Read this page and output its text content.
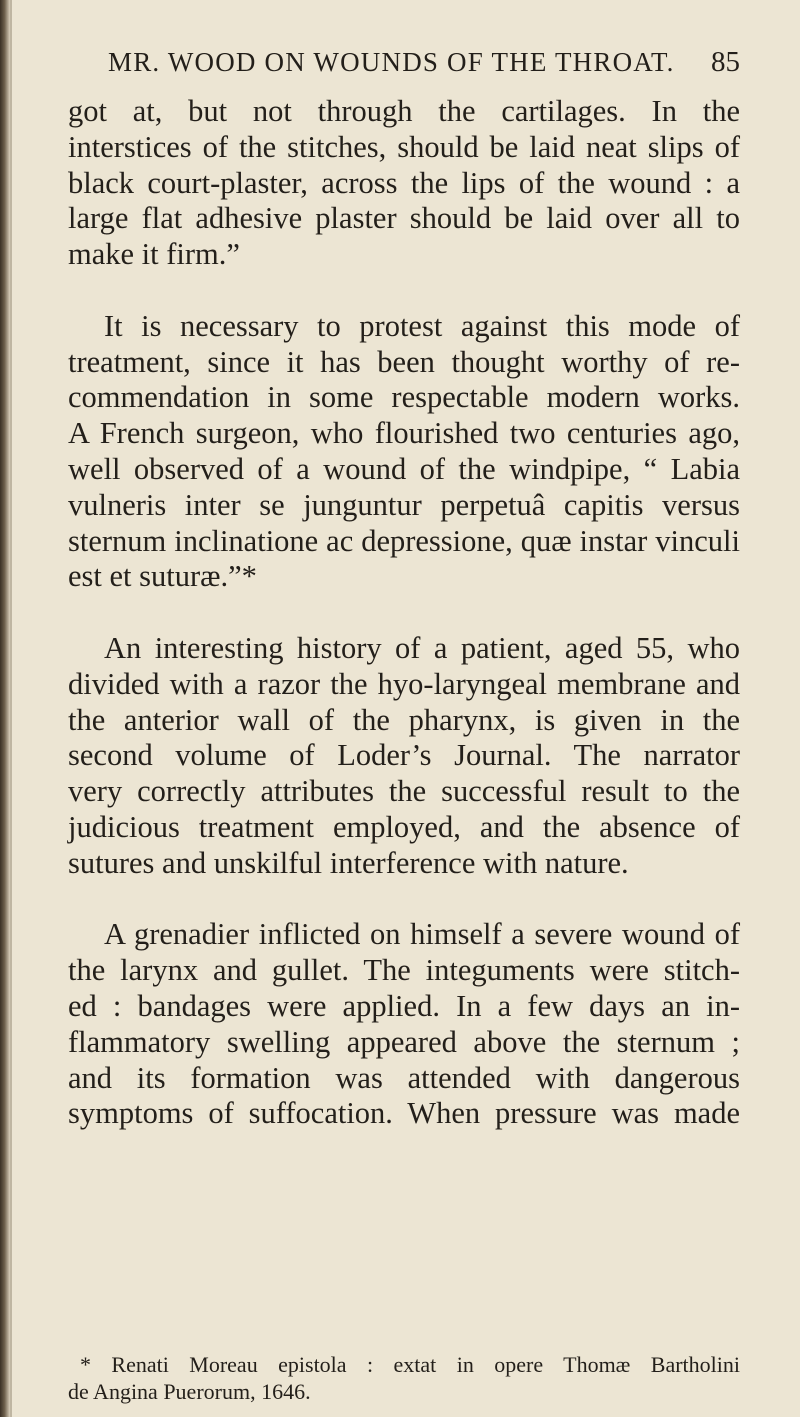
MR. WOOD ON WOUNDS OF THE THROAT. 85
got at, but not through the cartilages. In the
interstices of the stitches, should be laid neat slips of
black court-plaster, across the lips of the wound : a
large flat adhesive plaster should be laid over all to
make it firm.”
It is necessary to protest against this mode of
treatment, since it has been thought worthy of re-
commendation in some respectable modern works.
A French surgeon, who flourished two centuries ago,
well observed of a wound of the windpipe, “ Labia
vulneris inter se junguntur perpetuâ capitis versus
sternum inclinatione ac depressione, quæ instar vinculi
est et suturæ.”*
An interesting history of a patient, aged 55, who
divided with a razor the hyo-laryngeal membrane and
the anterior wall of the pharynx, is given in the
second volume of Loder’s Journal. The narrator
very correctly attributes the successful result to the
judicious treatment employed, and the absence of
sutures and unskilful interference with nature.
A grenadier inflicted on himself a severe wound of
the larynx and gullet. The integuments were stitch-
ed : bandages were applied. In a few days an in-
flammatory swelling appeared above the sternum ;
and its formation was attended with dangerous
symptoms of suffocation. When pressure was made
* Renati Moreau epistola : extat in opere Thomæ Bartholini
de Angina Puerorum, 1646.
